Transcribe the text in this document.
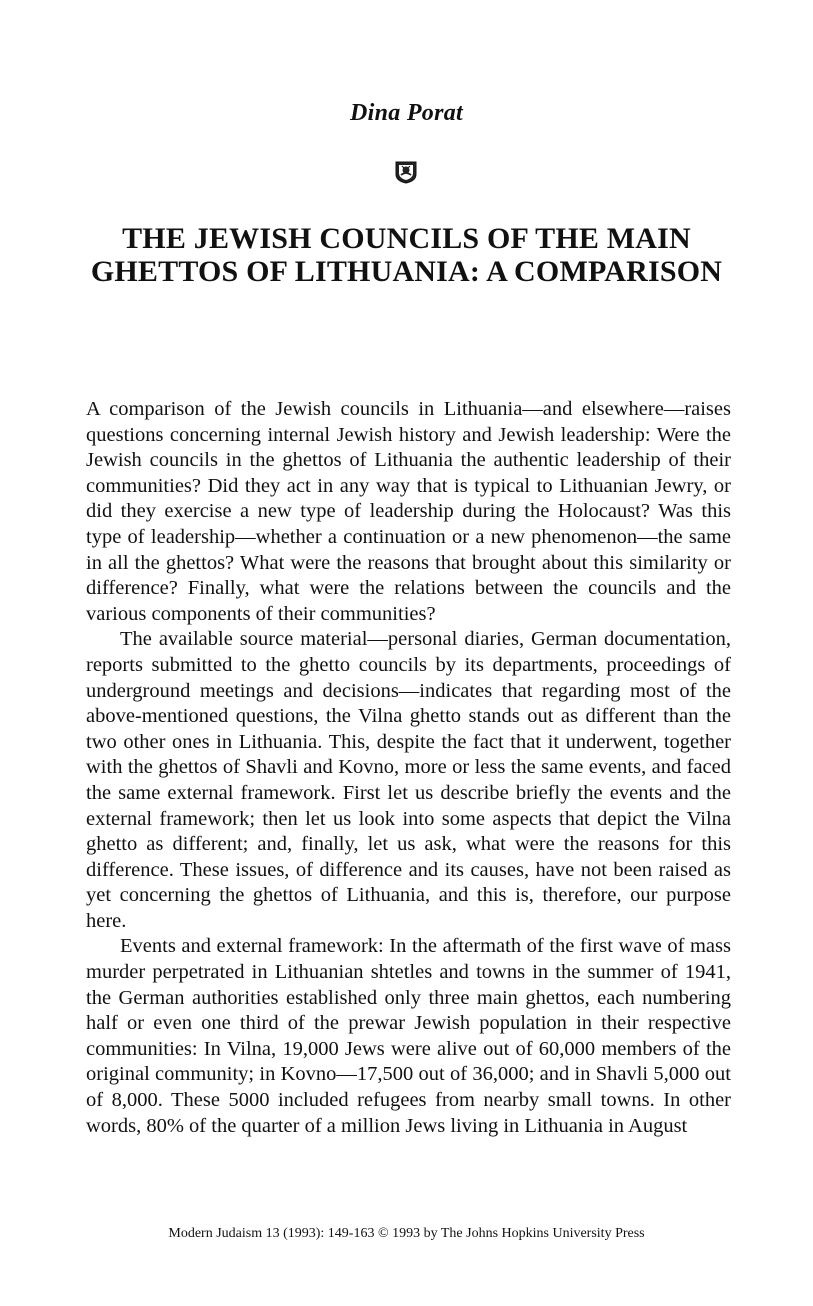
Dina Porat
THE JEWISH COUNCILS OF THE MAIN GHETTOS OF LITHUANIA: A COMPARISON

A comparison of the Jewish councils in Lithuania—and elsewhere—raises questions concerning internal Jewish history and Jewish leadership: Were the Jewish councils in the ghettos of Lithuania the authentic leadership of their communities? Did they act in any way that is typical to Lithuanian Jewry, or did they exercise a new type of leadership during the Holocaust? Was this type of leadership—whether a continuation or a new phenomenon—the same in all the ghettos? What were the reasons that brought about this similarity or difference? Finally, what were the relations between the councils and the various components of their communities?

The available source material—personal diaries, German documentation, reports submitted to the ghetto councils by its departments, proceedings of underground meetings and decisions—indicates that regarding most of the above-mentioned questions, the Vilna ghetto stands out as different than the two other ones in Lithuania. This, despite the fact that it underwent, together with the ghettos of Shavli and Kovno, more or less the same events, and faced the same external framework. First let us describe briefly the events and the external framework; then let us look into some aspects that depict the Vilna ghetto as different; and, finally, let us ask, what were the reasons for this difference. These issues, of difference and its causes, have not been raised as yet concerning the ghettos of Lithuania, and this is, therefore, our purpose here.

Events and external framework: In the aftermath of the first wave of mass murder perpetrated in Lithuanian shtetles and towns in the summer of 1941, the German authorities established only three main ghettos, each numbering half or even one third of the prewar Jewish population in their respective communities: In Vilna, 19,000 Jews were alive out of 60,000 members of the original community; in Kovno—17,500 out of 36,000; and in Shavli 5,000 out of 8,000. These 5000 included refugees from nearby small towns. In other words, 80% of the quarter of a million Jews living in Lithuania in August

Modern Judaism 13 (1993): 149-163 © 1993 by The Johns Hopkins University Press
